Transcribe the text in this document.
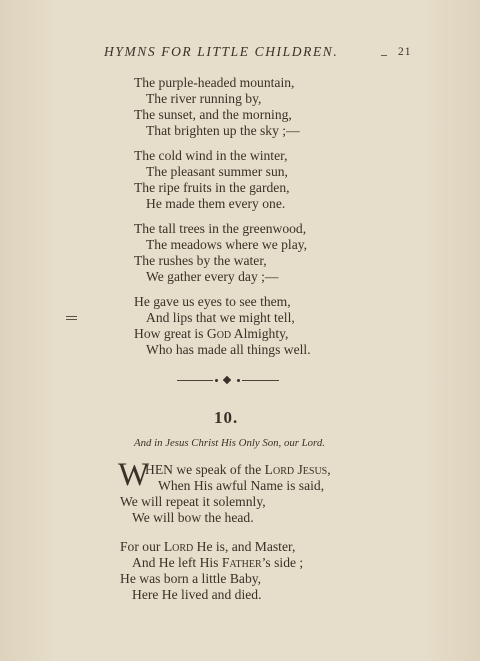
HYMNS FOR LITTLE CHILDREN.	21
The purple-headed mountain,
The river running by,
The sunset, and the morning,
That brighten up the sky ;—
The cold wind in the winter,
The pleasant summer sun,
The ripe fruits in the garden,
He made them every one.
The tall trees in the greenwood,
The meadows where we play,
The rushes by the water,
We gather every day ;—
He gave us eyes to see them,
And lips that we might tell,
How great is God Almighty,
Who has made all things well.
10.
And in Jesus Christ His Only Son, our Lord.
W
HEN we speak of the Lord Jesus,
When His awful Name is said,
We will repeat it solemnly,
We will bow the head.
For our Lord He is, and Master,
And He left His Father’s side ;
He was born a little Baby,
Here He lived and died.
